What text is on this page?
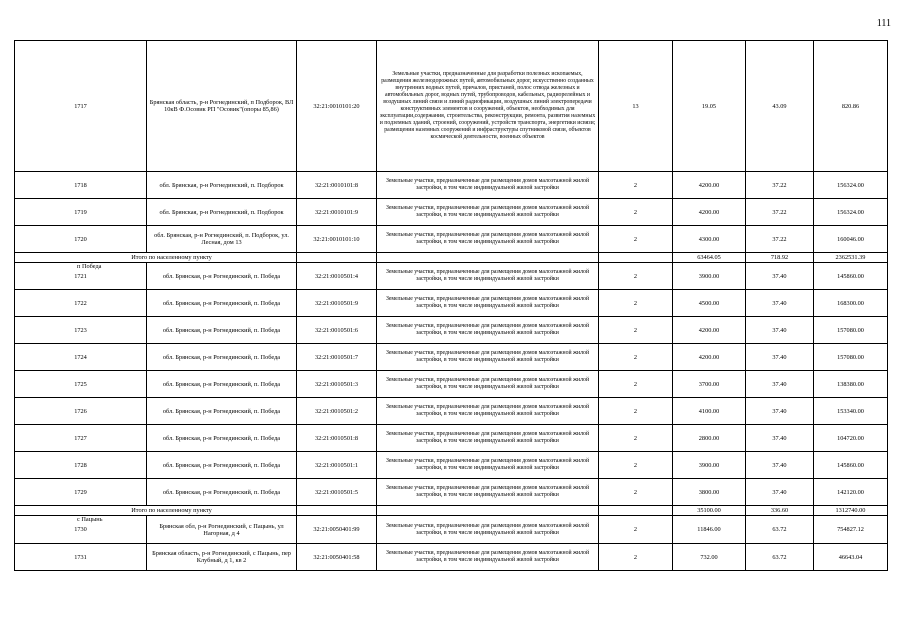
111
1717	Брянская область, р-н Рогнединский, п Подборок, ВЛ 10кВ Ф.Осовик РП "Осовик"(опоры 85,86)	32:21:0010101:20	Земельные участки, предназначенные для разработки полезных ископаемых, размещения железнодорожных путей, автомобильных дорог, искусственно созданных внутренних водных путей, причалов, пристаней, полос отвода железных и автомобильных дорог, водных путей, трубопроводов, кабельных, радиорелейных и воздушных линий связи и линий радиофикации, воздушных линий электропередачи конструктивных элементов и сооружений, объектов, необходимых для эксплуатации,содержания, строительства, реконструкции, ремонта, развития наземных и подземных зданий, строений, сооружений, устройств транспорта, энергетики исвязи; размещения наземных сооружений и инфраструктуры спутниковой связи, объектов космической деятельности, военных объектов	13	19.05	43.09	820.86
1718	обл. Брянская, р-н Рогнединский, п. Подборок	32:21:0010101:8	Земельные участки, предназначенные для размещения домов малоэтажной жилой застройки, в том числе индивидуальной жилой застройки	2	4200.00	37.22	156324.00
1719	обл. Брянская, р-н Рогнединский, п. Подборок	32:21:0010101:9	Земельные участки, предназначенные для размещения домов малоэтажной жилой застройки, в том числе индивидуальной жилой застройки	2	4200.00	37.22	156324.00
1720	обл. Брянская, р-н Рогнединский, п. Подборок, ул. Лесная, дом 13	32:21:0010101:10	Земельные участки, предназначенные для размещения домов малоэтажной жилой застройки, в том числе индивидуальной жилой застройки	2	4300.00	37.22	160046.00
Итого по населенному пункту					63464.05	718.92	2362531.39

п Победа
1721	обл. Брянская, р-н Рогнединский, п. Победа	32:21:0010501:4	Земельные участки, предназначенные для размещения домов малоэтажной жилой застройки, в том числе индивидуальной жилой застройки	2	3900.00	37.40	145860.00
1722	обл. Брянская, р-н Рогнединский, п. Победа	32:21:0010501:9	Земельные участки, предназначенные для размещения домов малоэтажной жилой застройки, в том числе индивидуальной жилой застройки	2	4500.00	37.40	168300.00
1723	обл. Брянская, р-н Рогнединский, п. Победа	32:21:0010501:6	Земельные участки, предназначенные для размещения домов малоэтажной жилой застройки, в том числе индивидуальной жилой застройки	2	4200.00	37.40	157080.00
1724	обл. Брянская, р-н Рогнединский, п. Победа	32:21:0010501:7	Земельные участки, предназначенные для размещения домов малоэтажной жилой застройки, в том числе индивидуальной жилой застройки	2	4200.00	37.40	157080.00
1725	обл. Брянская, р-н Рогнединский, п. Победа	32:21:0010501:3	Земельные участки, предназначенные для размещения домов малоэтажной жилой застройки, в том числе индивидуальной жилой застройки	2	3700.00	37.40	138380.00
1726	обл. Брянская, р-н Рогнединский, п. Победа	32:21:0010501:2	Земельные участки, предназначенные для размещения домов малоэтажной жилой застройки, в том числе индивидуальной жилой застройки	2	4100.00	37.40	153340.00
1727	обл. Брянская, р-н Рогнединский, п. Победа	32:21:0010501:8	Земельные участки, предназначенные для размещения домов малоэтажной жилой застройки, в том числе индивидуальной жилой застройки	2	2800.00	37.40	104720.00
1728	обл. Брянская, р-н Рогнединский, п. Победа	32:21:0010501:1	Земельные участки, предназначенные для размещения домов малоэтажной жилой застройки, в том числе индивидуальной жилой застройки	2	3900.00	37.40	145860.00
1729	обл. Брянская, р-н Рогнединский, п. Победа	32:21:0010501:5	Земельные участки, предназначенные для размещения домов малоэтажной жилой застройки, в том числе индивидуальной жилой застройки	2	3800.00	37.40	142120.00
Итого по населенному пункту					35100.00	336.60	1312740.00

с Пацынь
1730	Брянская обл, р-н Рогнединский, с Пацынь, ул Нагорная, д 4	32:21:0050401:99	Земельные участки, предназначенные для размещения домов малоэтажной жилой застройки, в том числе индивидуальной жилой застройки	2	11846.00	63.72	754827.12
1731	Брянская область, р-н Рогнединский, с Пацынь, пер Клубный, д 1, кв 2	32:21:0050401:58	Земельные участки, предназначенные для размещения домов малоэтажной жилой застройки, в том числе индивидуальной жилой застройки	2	732.00	63.72	46643.04
